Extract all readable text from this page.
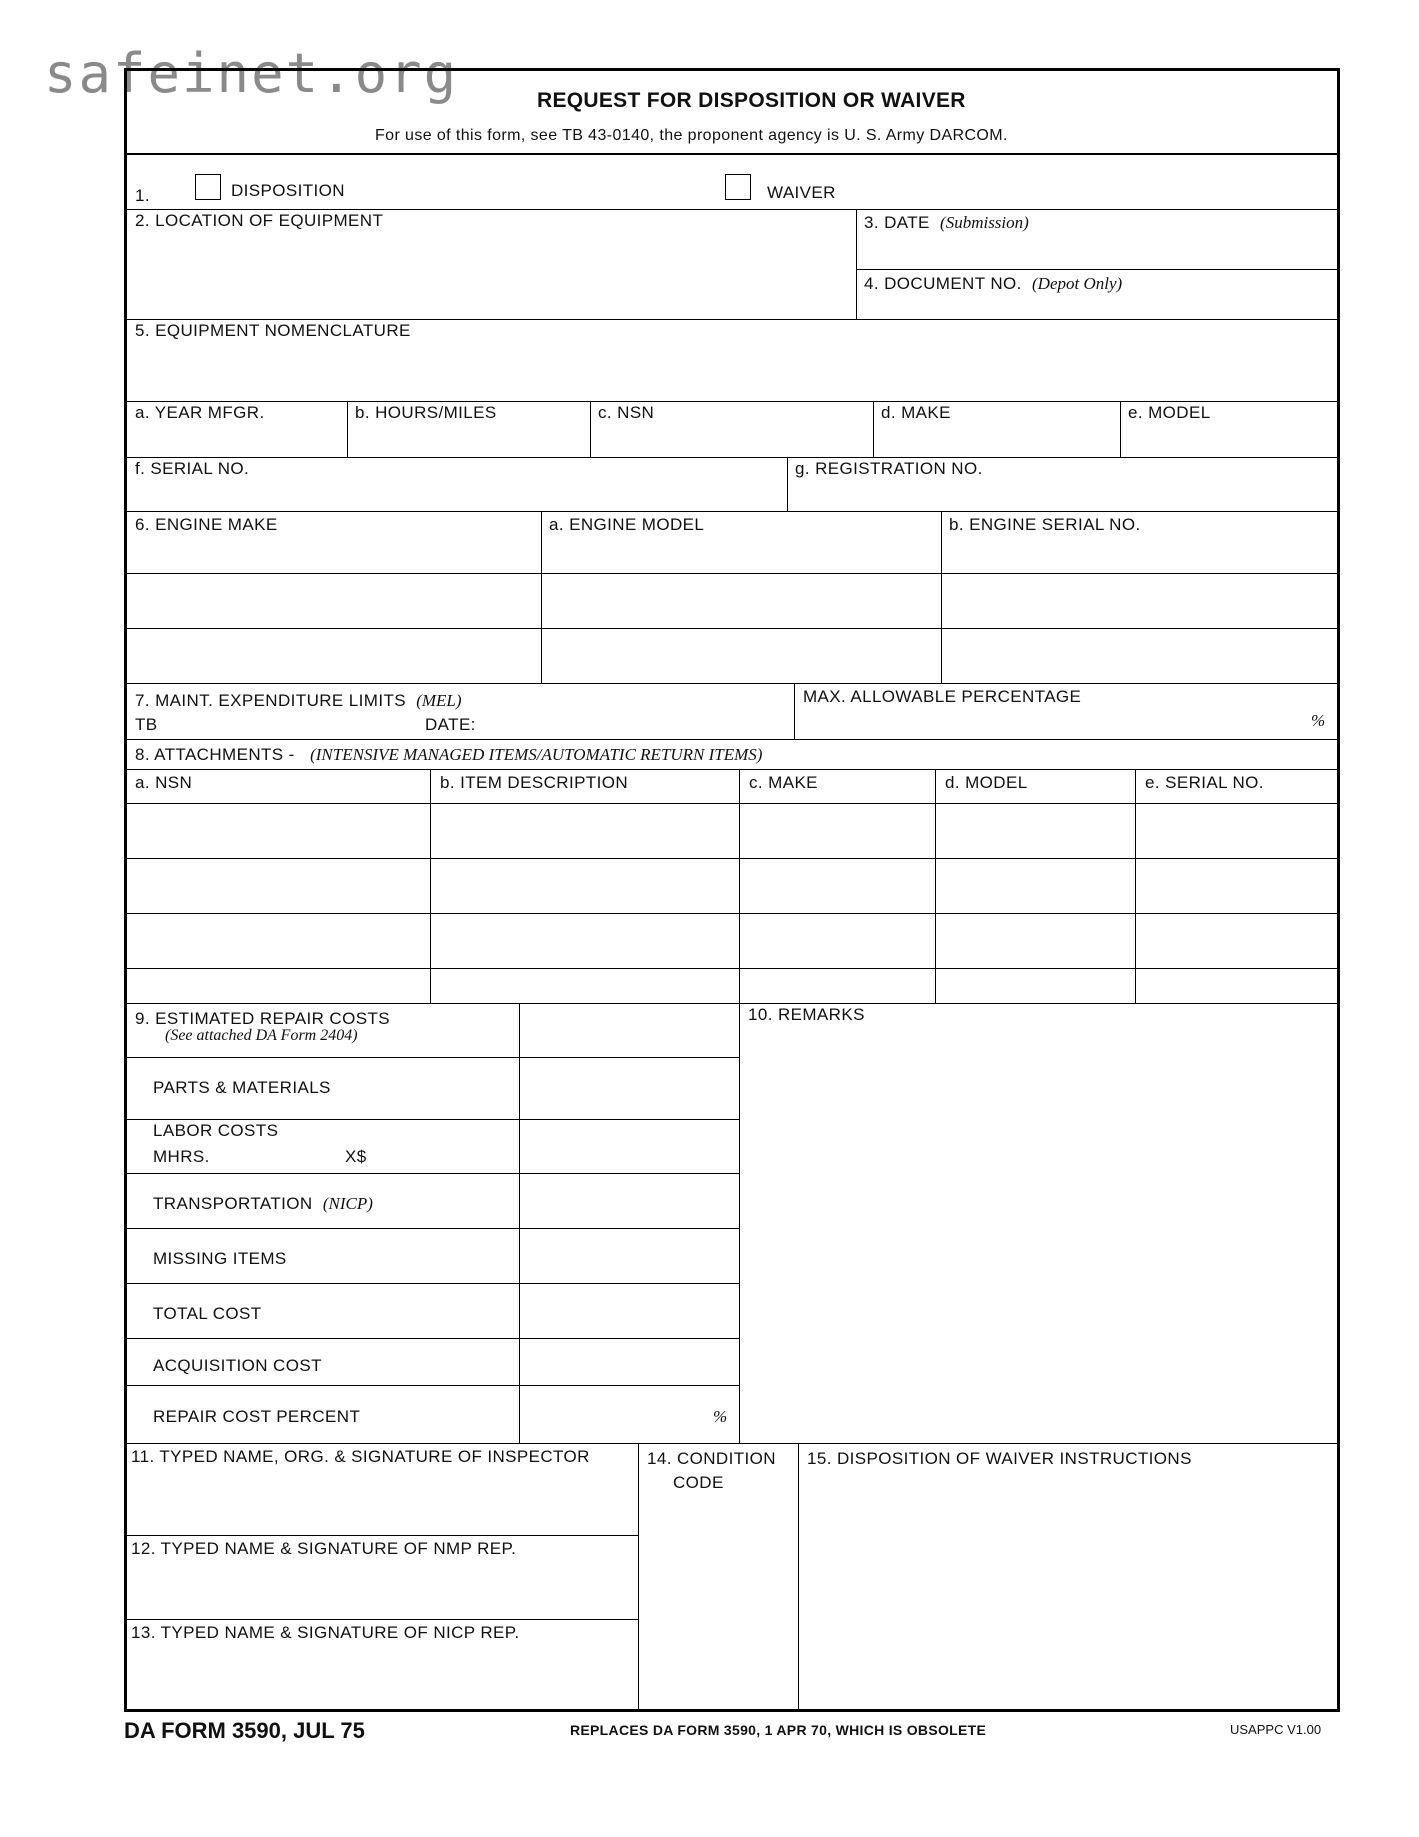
safeinet.org	REQUEST FOR DISPOSITION OR WAIVER
For use of this form, see TB 43-0140, the proponent agency is U. S. Army DARCOM.
1.	DISPOSITION	WAIVER
2. LOCATION OF EQUIPMENT	3. DATE (Submission)
4. DOCUMENT NO. (Depot Only)
5. EQUIPMENT NOMENCLATURE
a. YEAR MFGR.	b. HOURS/MILES	c. NSN	d. MAKE	e. MODEL
f. SERIAL NO.	g. REGISTRATION NO.
6. ENGINE MAKE	a. ENGINE MODEL	b. ENGINE SERIAL NO.
7. MAINT. EXPENDITURE LIMITS (MEL)
TB	DATE:
MAX. ALLOWABLE PERCENTAGE
%
8. ATTACHMENTS - (INTENSIVE MANAGED ITEMS/AUTOMATIC RETURN ITEMS)
a. NSN	b. ITEM DESCRIPTION	c. MAKE	d. MODEL	e. SERIAL NO.
9. ESTIMATED REPAIR COSTS
(See attached DA Form 2404)
PARTS & MATERIALS
LABOR COSTS
MHRS.	X$
TRANSPORTATION (NICP)
MISSING ITEMS
TOTAL COST
ACQUISITION COST
REPAIR COST PERCENT	%
10. REMARKS
11. TYPED NAME, ORG. & SIGNATURE OF INSPECTOR
12. TYPED NAME & SIGNATURE OF NMP REP.
13. TYPED NAME & SIGNATURE OF NICP REP.
14. CONDITION
CODE
15. DISPOSITION OF WAIVER INSTRUCTIONS
DA FORM 3590, JUL 75	REPLACES DA FORM 3590, 1 APR 70, WHICH IS OBSOLETE	USAPPC V1.00
